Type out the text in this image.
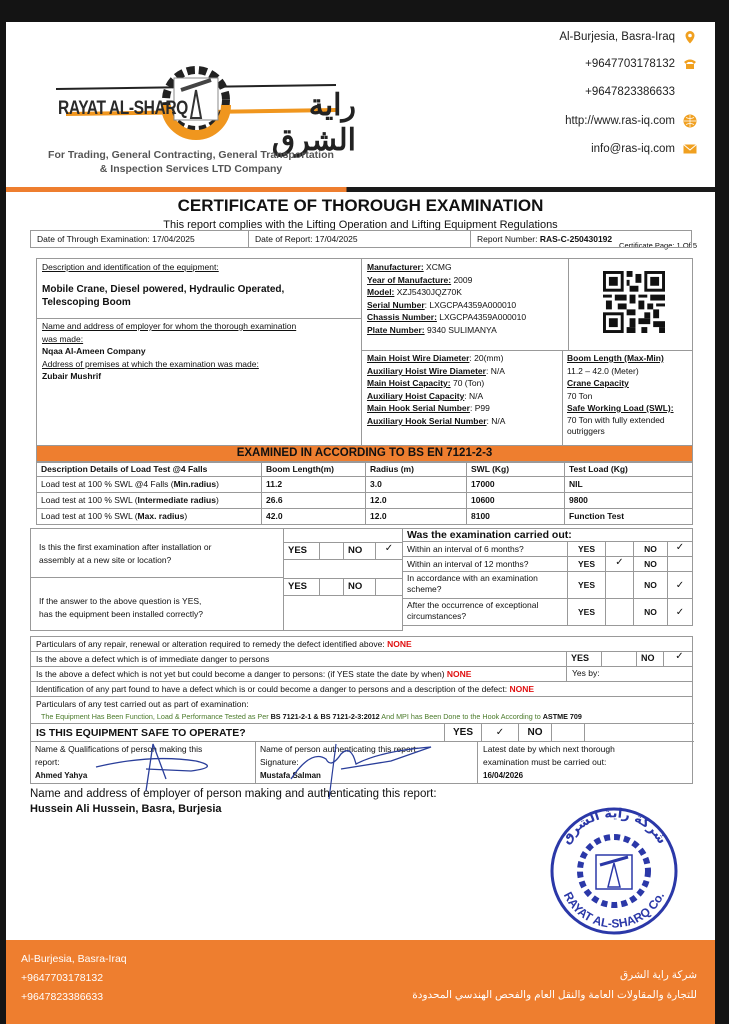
RAYAT AL-SHARQ	راية الشرق
For Trading, General Contracting, General Transportation
& Inspection Services LTD Company
Al-Burjesia, Basra-Iraq
+9647703178132
+9647823386633
http://www.ras-iq.com
info@ras-iq.com
CERTIFICATE OF THOROUGH EXAMINATION
This report complies with the Lifting Operation and Lifting Equipment Regulations
Certificate Page: 1 Of 5
Date of Through Examination: 17/04/2025	Date of Report: 17/04/2025	Report Number: RAS-C-250430192
Description and identification of the equipment:
Mobile Crane, Diesel powered, Hydraulic Operated,
Telescoping Boom
Name and address of employer for whom the thorough examination
was made:
Nqaa Al-Ameen Company
Address of premises at which the examination was made:
Zubair Mushrif
Manufacturer: XCMG
Year of Manufacture: 2009
Model: XZJ5430JQZ70K
Serial Number: LXGCPA4359A000010
Chassis Number: LXGCPA4359A000010
Plate Number: 9340 SULIMANYA
Main Hoist Wire Diameter: 20(mm)
Auxiliary Hoist Wire Diameter: N/A
Main Hoist Capacity: 70 (Ton)
Auxiliary Hoist Capacity: N/A
Main Hook Serial Number: P99
Auxiliary Hook Serial Number: N/A
Boom Length (Max-Min)
11.2 – 42.0 (Meter)
Crane Capacity
70 Ton
Safe Working Load (SWL):
70 Ton with fully extended outriggers
EXAMINED IN ACCORDING TO BS EN 7121-2-3
Description Details of Load Test @4 Falls	Boom Length(m)	Radius (m)	SWL (Kg)	Test Load (Kg)
Load test at 100 % SWL @4 Falls (Min.radius)	11.2	3.0	17000	NIL
Load test at 100 % SWL (Intermediate radius)	26.6	12.0	10600	9800
Load test at 100 % SWL (Max. radius)	42.0	12.0	8100	Function Test
Is this the first examination after installation or
assembly at a new site or location?
If the answer to the above question is YES,
has the equipment been installed correctly?
YES		NO	✓
YES		NO	
Was the examination carried out:
Within an interval of 6 months?	YES		NO	✓
Within an interval of 12 months?	YES	✓	NO	
In accordance with an examination scheme?	YES		NO	✓
After the occurrence of exceptional circumstances?	YES		NO	✓
Particulars of any repair, renewal or alteration required to remedy the defect identified above: NONE
Is the above a defect which is of immediate danger to persons	YES		NO	✓
Is the above a defect which is not yet but could become a danger to persons: (if YES state the date by when) NONE	Yes by:
Identification of any part found to have a defect which is or could become a danger to persons and a description of the defect: NONE
Particulars of any test carried out as part of examination:
The Equipment Has Been Function, Load & Performance Tested as Per BS 7121-2-1 & BS 7121-2-3:2012 And MPI has Been Done to the Hook According to ASTME 709
IS THIS EQUIPMENT SAFE TO OPERATE?	YES	✓	NO		
Name & Qualifications of person making this
report:
Ahmed Yahya
Name of person authenticating this report:
Signature:
Mustafa Salman
Latest date by which next thorough
examination must be carried out:
16/04/2026
Name and address of employer of person making and authenticating this report:
Hussein Ali Hussein, Basra, Burjesia
شركة راية الشرق
RAYAT AL-SHARQ Co.
Al-Burjesia, Basra-Iraq
+9647703178132
+9647823386633
شركة راية الشرق
للتجارة والمقاولات العامة والنقل العام والفحص الهندسي المحدودة
